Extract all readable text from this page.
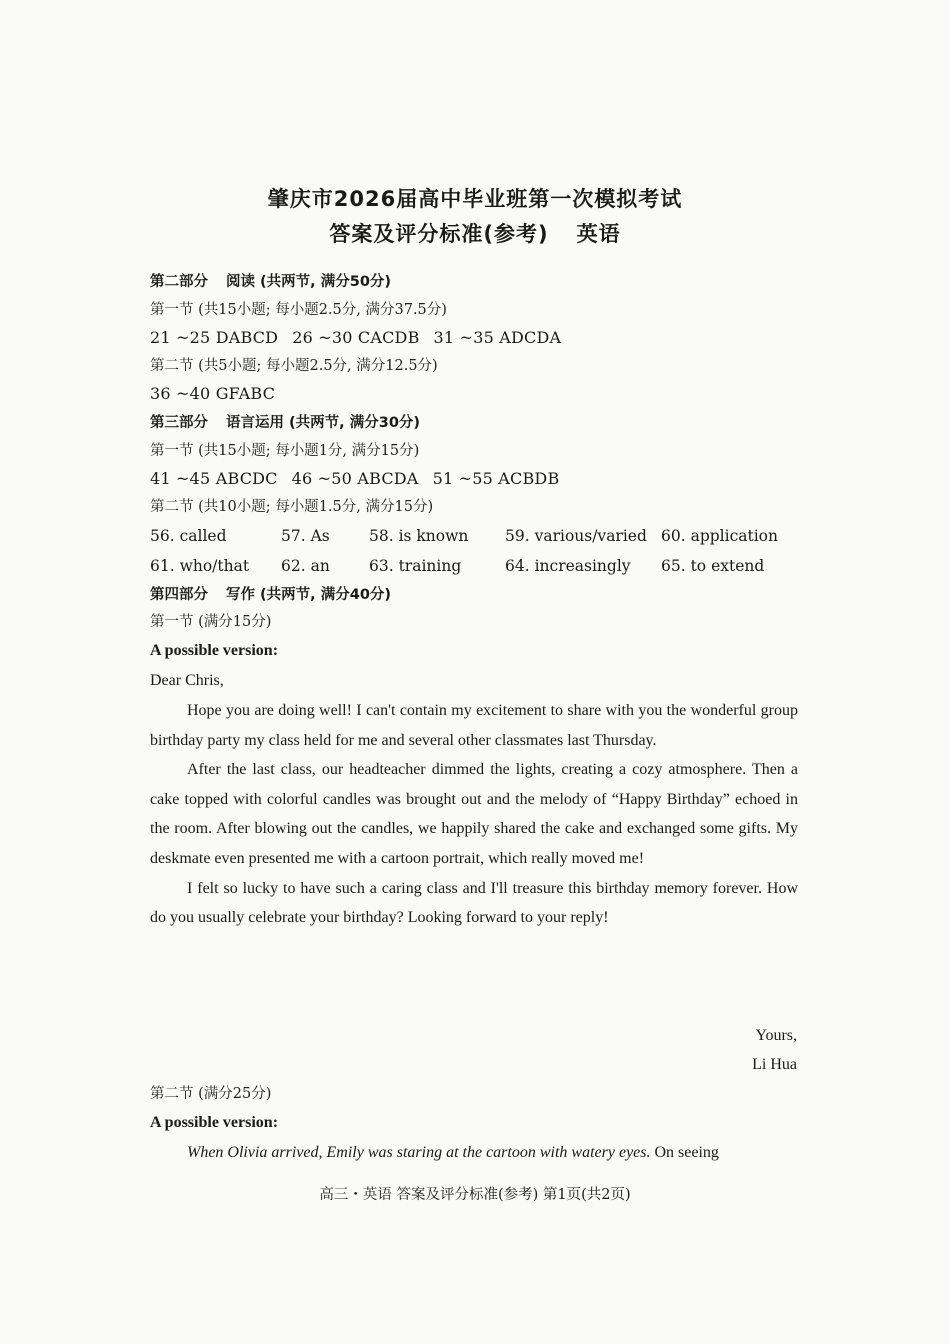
肇庆市2026届高中毕业班第一次模拟考试
答案及评分标准(参考) 英语
第二部分 阅读 (共两节, 满分50分)
第一节 (共15小题; 每小题2.5分, 满分37.5分)
21 ~25 DABCD 26 ~30 CACDB 31 ~35 ADCDA
第二节 (共5小题; 每小题2.5分, 满分12.5分)
36 ~40 GFABC
第三部分 语言运用 (共两节, 满分30分)
第一节 (共15小题; 每小题1分, 满分15分)
41 ~45 ABCDC 46 ~50 ABCDA 51 ~55 ACBDB
第二节 (共10小题; 每小题1.5分, 满分15分)
56. called	57. As	58. is known 59. various/varied 60. application
61. who/that 62. an	63. training	64. increasingly 65. to extend
第四部分 写作 (共两节, 满分40分)
第一节 (满分15分)
A possible version:
Dear Chris,

Hope you are doing well! I can't contain my excitement to share with you the wonderful group birthday party my class held for me and several other classmates last Thursday.

After the last class, our headteacher dimmed the lights, creating a cozy atmosphere. Then a cake topped with colorful candles was brought out and the melody of “Happy Birthday” echoed in the room. After blowing out the candles, we happily shared the cake and exchanged some gifts. My deskmate even presented me with a cartoon portrait, which really moved me!

I felt so lucky to have such a caring class and I'll treasure this birthday memory forever. How do you usually celebrate your birthday? Looking forward to your reply!

Yours,
Li Hua
第二节 (满分25分)
A possible version:
When Olivia arrived, Emily was staring at the cartoon with watery eyes. On seeing
高三・英语 答案及评分标准(参考) 第1页(共2页)
